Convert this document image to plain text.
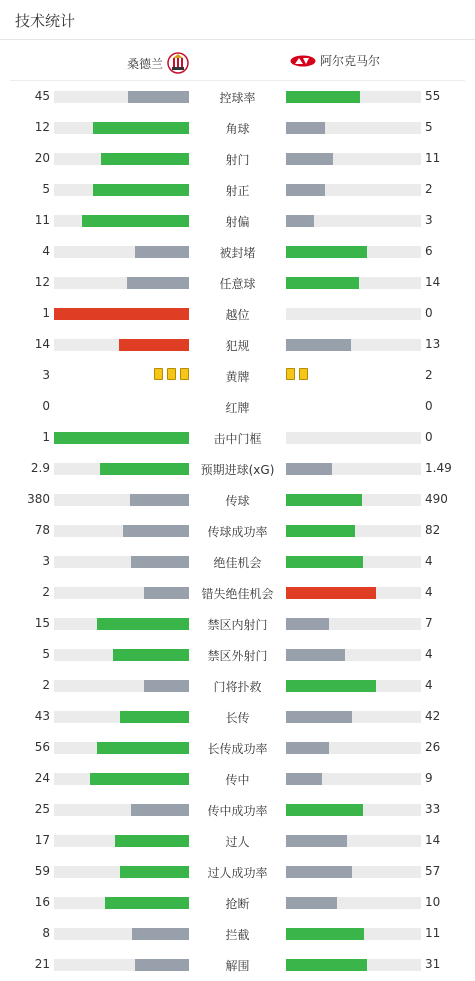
技术统计
桑德兰	阿尔克马尔
45	控球率	55
12	角球	5
20	射门	11
5	射正	2
11	射偏	3
4	被封堵	6
12	任意球	14
1	越位	0
14	犯规	13
3	黄牌	2
0	红牌	0
1	击中门框	0
2.9	预期进球(xG)	1.49
380	传球	490
78	传球成功率	82
3	绝佳机会	4
2	错失绝佳机会	4
15	禁区内射门	7
5	禁区外射门	4
2	门将扑救	4
43	长传	42
56	长传成功率	26
24	传中	9
25	传中成功率	33
17	过人	14
59	过人成功率	57
16	抢断	10
8	拦截	11
21	解围	31
